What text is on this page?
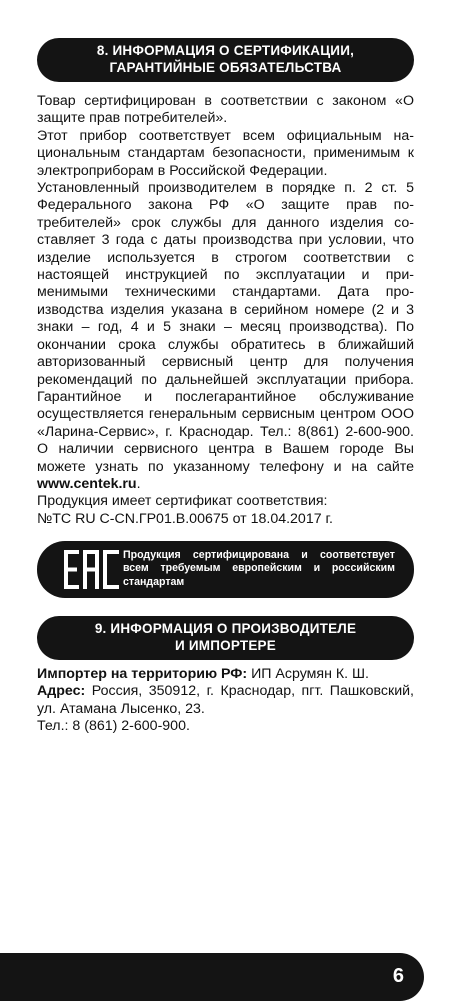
8. ИНФОРМАЦИЯ О СЕРТИФИКАЦИИ,
ГАРАНТИЙНЫЕ ОБЯЗАТЕЛЬСТВА

Товар сертифицирован в соответствии с законом «О защите прав потребителей».

Этот прибор соответствует всем официальным национальным стандартам безопасности, применимым к электроприборам в Российской Федерации.

Установленный производителем в порядке п. 2 ст. 5 Федерального закона РФ «О защите прав потребителей» срок службы для данного изделия составляет 3 года с даты производства при условии, что изделие используется в строгом соответствии с настоящей инструкцией по эксплуатации и применимыми техническими стандартами. Дата производства изделия указана в серийном номере (2 и 3 знаки – год, 4 и 5 знаки – месяц производства). По окончании срока службы обратитесь в ближайший авторизованный сервисный центр для получения рекомендаций по дальнейшей эксплуатации прибора. Гарантийное и послегарантийное обслуживание осуществляется генеральным сервисным центром ООО «Ларина-Сервис», г. Краснодар. Тел.: 8(861) 2-600-900. О наличии сервисного центра в Вашем городе Вы можете узнать по указанному телефону и на сайте www.centek.ru.

Продукция имеет сертификат соответствия:

№ТС RU C-CN.ГР01.В.00675 от 18.04.2017 г.

Продукция сертифицирована и соответствует всем требуемым европейским и российским стандартам
9. ИНФОРМАЦИЯ О ПРОИЗВОДИТЕЛЕ
И ИМПОРТЕРЕ

Импортер на территорию РФ: ИП Асрумян К. Ш.

Адрес: Россия, 350912, г. Краснодар, пгт. Пашковский, ул. Атамана Лысенко, 23.

Тел.: 8 (861) 2-600-900.

6
